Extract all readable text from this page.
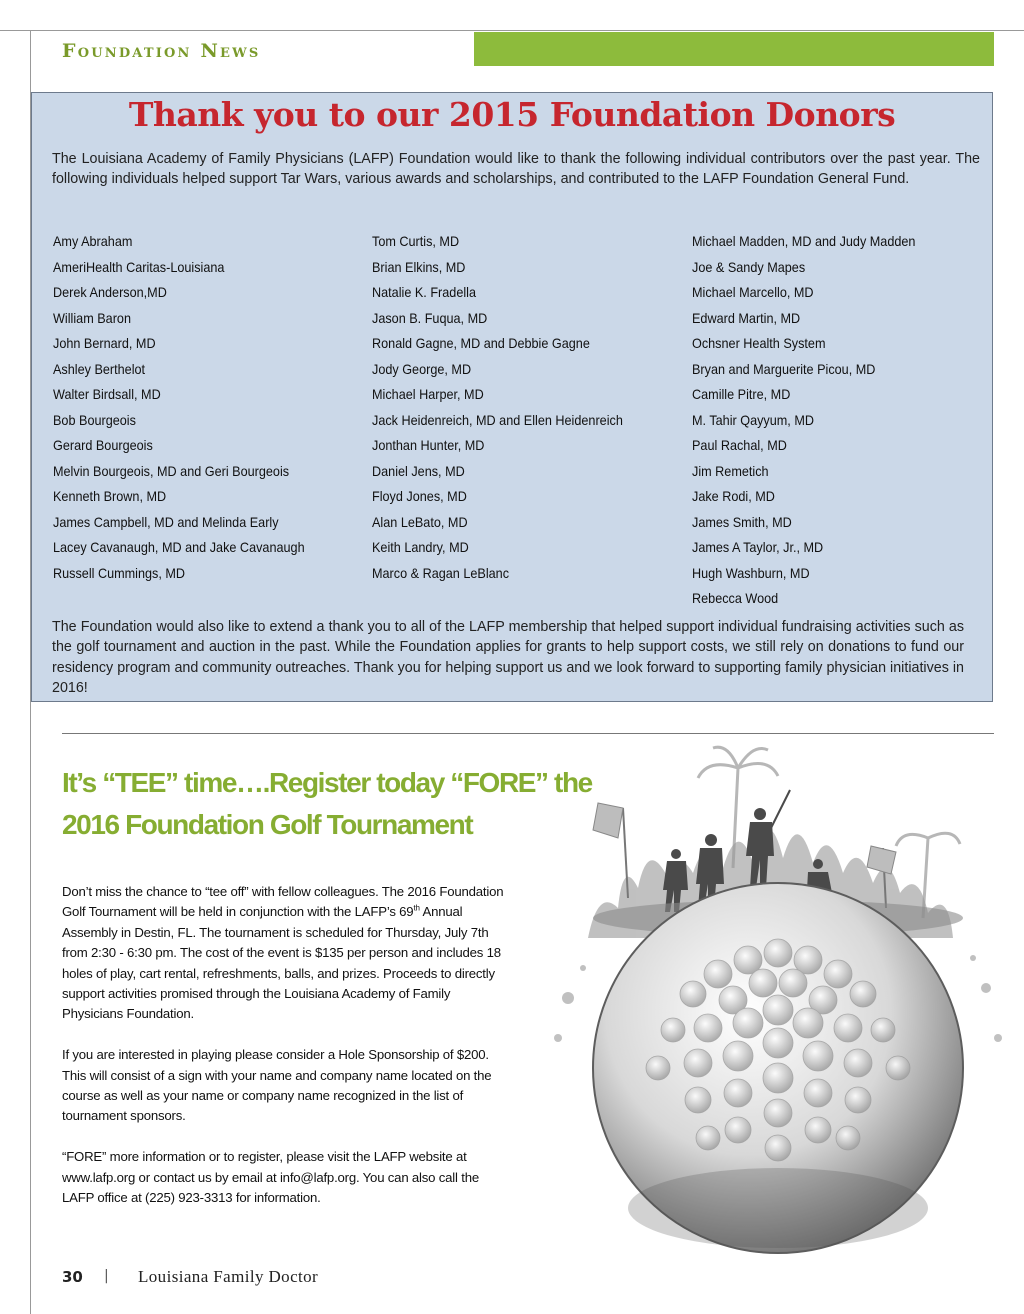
Foundation News
Thank you to our 2015 Foundation Donors
The Louisiana Academy of Family Physicians (LAFP) Foundation would like to thank the following individual contributors over the past year. The following individuals helped support Tar Wars, various awards and scholarships, and contributed to the LAFP Foundation General Fund.
Amy Abraham
AmeriHealth Caritas-Louisiana
Derek Anderson,MD
William Baron
John Bernard, MD
Ashley Berthelot
Walter Birdsall, MD
Bob Bourgeois
Gerard Bourgeois
Melvin Bourgeois, MD and Geri Bourgeois
Kenneth Brown, MD
James Campbell, MD and Melinda Early
Lacey Cavanaugh, MD and Jake Cavanaugh
Russell Cummings, MD
Tom Curtis, MD
Brian Elkins, MD
Natalie K. Fradella
Jason B. Fuqua, MD
Ronald Gagne, MD and Debbie Gagne
Jody George, MD
Michael Harper, MD
Jack Heidenreich, MD and Ellen Heidenreich
Jonthan Hunter, MD
Daniel Jens, MD
Floyd Jones, MD
Alan LeBato, MD
Keith Landry, MD
Marco & Ragan LeBlanc
Michael Madden, MD and Judy Madden
Joe & Sandy Mapes
Michael Marcello, MD
Edward Martin, MD
Ochsner Health System
Bryan and Marguerite Picou, MD
Camille Pitre, MD
M. Tahir Qayyum, MD
Paul Rachal, MD
Jim Remetich
Jake Rodi, MD
James Smith, MD
James A Taylor, Jr., MD
Hugh Washburn, MD
Rebecca Wood
The Foundation would also like to extend a thank you to all of the LAFP membership that helped support individual fundraising activities such as the golf tournament and auction in the past. While the Foundation applies for grants to help support costs, we still rely on donations to fund our residency program and community outreaches. Thank you for helping support us and we look forward to supporting family physician initiatives in 2016!
It’s “TEE” time….Register today “FORE” the
2016 Foundation Golf Tournament

Don’t miss the chance to “tee off” with fellow colleagues. The 2016 Foundation Golf Tournament will be held in conjunction with the LAFP’s 69th Annual Assembly in Destin, FL. The tournament is scheduled for Thursday, July 7th from 2:30 - 6:30 pm. The cost of the event is $135 per person and includes 18 holes of play, cart rental, refreshments, balls, and prizes. Proceeds to directly support activities promised through the Louisiana Academy of Family Physicians Foundation.

If you are interested in playing please consider a Hole Sponsorship of $200. This will consist of a sign with your name and company name located on the course as well as your name or company name recognized in the list of tournament sponsors.

“FORE” more information or to register, please visit the LAFP website at www.lafp.org or contact us by email at info@lafp.org. You can also call the LAFP office at (225) 923-3313 for information.

30 | Louisiana Family Doctor
